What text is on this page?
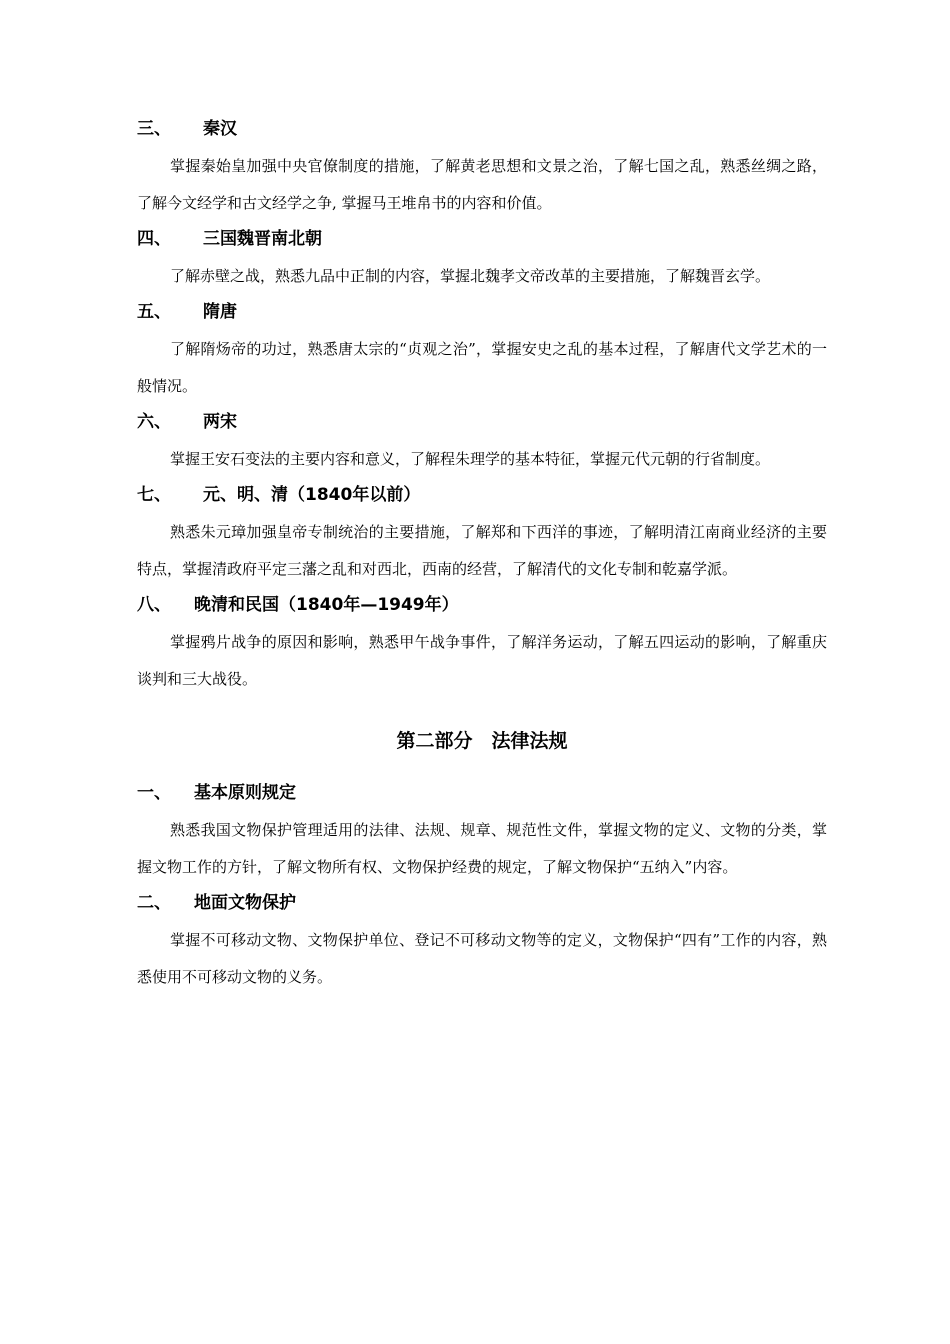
三、	秦汉

掌握秦始皇加强中央官僚制度的措施，了解黄老思想和文景之治，了解七国之乱，熟悉丝绸之路，了解今文经学和古文经学之争, 掌握马王堆帛书的内容和价值。

四、	三国魏晋南北朝

了解赤壁之战，熟悉九品中正制的内容，掌握北魏孝文帝改革的主要措施，了解魏晋玄学。

五、	隋唐

了解隋炀帝的功过，熟悉唐太宗的“贞观之治”，掌握安史之乱的基本过程，了解唐代文学艺术的一般情况。

六、	两宋

掌握王安石变法的主要内容和意义，了解程朱理学的基本特征，掌握元代元朝的行省制度。

七、	元、明、清（1840年以前）

熟悉朱元璋加强皇帝专制统治的主要措施，了解郑和下西洋的事迹，了解明清江南商业经济的主要特点，掌握清政府平定三藩之乱和对西北，西南的经营，了解清代的文化专制和乾嘉学派。

八、	晚清和民国（1840年—1949年）

掌握鸦片战争的原因和影响，熟悉甲午战争事件，了解洋务运动，了解五四运动的影响，了解重庆谈判和三大战役。

第二部分　法律法规
一、	基本原则规定

熟悉我国文物保护管理适用的法律、法规、规章、规范性文件，掌握文物的定义、文物的分类，掌握文物工作的方针，了解文物所有权、文物保护经费的规定，了解文物保护“五纳入”内容。

二、	地面文物保护

掌握不可移动文物、文物保护单位、登记不可移动文物等的定义，文物保护“四有”工作的内容，熟悉使用不可移动文物的义务。
